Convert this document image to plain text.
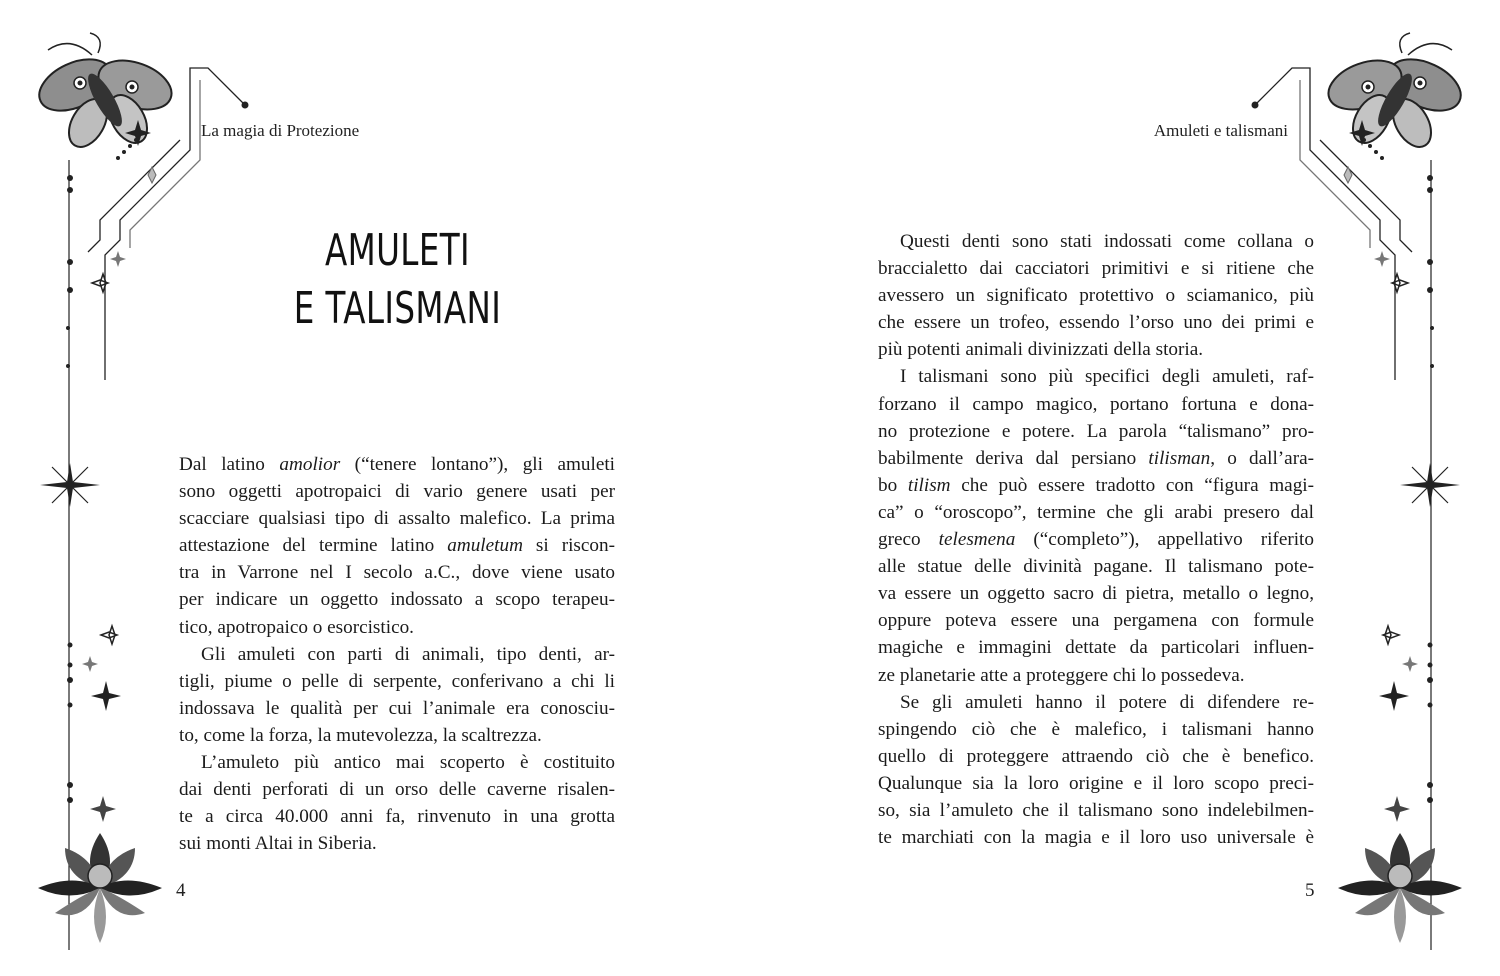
La magia di Protezione
AMULETI
E TALISMANI
Dal latino amolior (“tenere lontano”), gli amuleti
sono oggetti apotropaici di vario genere usati per
scacciare qualsiasi tipo di assalto malefico. La prima
attestazione del termine latino amuletum si riscon-
tra in Varrone nel I secolo a.C., dove viene usato
per indicare un oggetto indossato a scopo terapeu-
tico, apotropaico o esorcistico.
Gli amuleti con parti di animali, tipo denti, ar-
tigli, piume o pelle di serpente, conferivano a chi li
indossava le qualità per cui l’animale era conosciu-
to, come la forza, la mutevolezza, la scaltrezza.
L’amuleto più antico mai scoperto è costituito
dai denti perforati di un orso delle caverne risalen-
te a circa 40.000 anni fa, rinvenuto in una grotta
sui monti Altai in Siberia.
4
Amuleti e talismani
Questi denti sono stati indossati come collana o
braccialetto dai cacciatori primitivi e si ritiene che
avessero un significato protettivo o sciamanico, più
che essere un trofeo, essendo l’orso uno dei primi e
più potenti animali divinizzati della storia.
I talismani sono più specifici degli amuleti, raf-
forzano il campo magico, portano fortuna e dona-
no protezione e potere. La parola “talismano” pro-
babilmente deriva dal persiano tilisman, o dall’ara-
bo tilism che può essere tradotto con “figura magi-
ca” o “oroscopo”, termine che gli arabi presero dal
greco telesmena (“completo”), appellativo riferito
alle statue delle divinità pagane. Il talismano pote-
va essere un oggetto sacro di pietra, metallo o legno,
oppure poteva essere una pergamena con formule
magiche e immagini dettate da particolari influen-
ze planetarie atte a proteggere chi lo possedeva.
Se gli amuleti hanno il potere di difendere re-
spingendo ciò che è malefico, i talismani hanno
quello di proteggere attraendo ciò che è benefico.
Qualunque sia la loro origine e il loro scopo preci-
so, sia l’amuleto che il talismano sono indelebilmen-
te marchiati con la magia e il loro uso universale è
5
